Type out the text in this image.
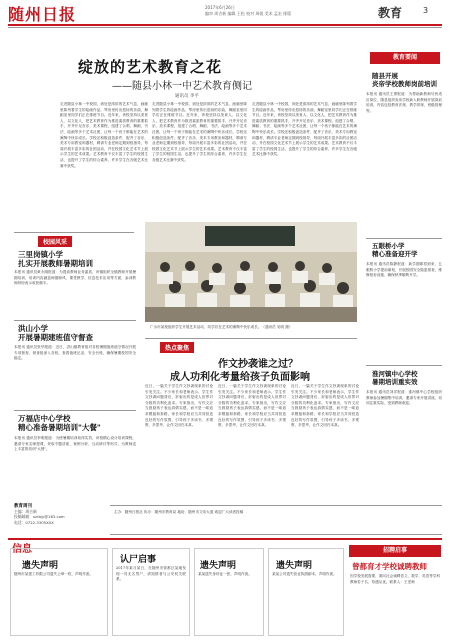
随州日报	2017年6月26日
编审 周吉新 编辑 王松 校对 周媛 美术 孟宏 排版	教育	3
绽放的艺术教育之花
——随县小林一中艺术教育侧记
通讯员 李平
走进随县小林一中校园，到处是浓浓的艺术气息，画廊里陈列着学生的绘画作品，琴房里传出悠扬的乐曲，舞蹈室里同学们正在排练节目。近年来，该校坚持以美育人、以文化人，把艺术教育作为推进素质教育的重要抓手，开齐开足音乐、美术课程，组建了合唱、舞蹈、书法、绘画等多个艺术社团，让每一个孩子都能在艺术的熏陶中快乐成长。学校还积极创造条件，配齐了音乐、美术专用教室和器材，聘请专业老师定期到校指导，每周开展丰富多彩的社团活动，并在校园文化艺术节上展示学生的艺术成果。艺术教育不仅丰富了学生的校园生活，也提升了学生的综合素养，许多学生在各级艺术比赛中获奖。
走进随县小林一中校园，到处是浓浓的艺术气息，画廊里陈列着学生的绘画作品，琴房里传出悠扬的乐曲，舞蹈室里同学们正在排练节目。近年来，该校坚持以美育人、以文化人，把艺术教育作为推进素质教育的重要抓手，开齐开足音乐、美术课程，组建了合唱、舞蹈、书法、绘画等多个艺术社团，让每一个孩子都能在艺术的熏陶中快乐成长。学校还积极创造条件，配齐了音乐、美术专用教室和器材，聘请专业老师定期到校指导，每周开展丰富多彩的社团活动，并在校园文化艺术节上展示学生的艺术成果。艺术教育不仅丰富了学生的校园生活，也提升了学生的综合素养，许多学生在各级艺术比赛中获奖。
走进随县小林一中校园，到处是浓浓的艺术气息，画廊里陈列着学生的绘画作品，琴房里传出悠扬的乐曲，舞蹈室里同学们正在排练节目。近年来，该校坚持以美育人、以文化人，把艺术教育作为推进素质教育的重要抓手，开齐开足音乐、美术课程，组建了合唱、舞蹈、书法、绘画等多个艺术社团，让每一个孩子都能在艺术的熏陶中快乐成长。学校还积极创造条件，配齐了音乐、美术专用教室和器材，聘请专业老师定期到校指导，每周开展丰富多彩的社团活动，并在校园文化艺术节上展示学生的艺术成果。艺术教育不仅丰富了学生的校园生活，也提升了学生的综合素养，许多学生在各级艺术比赛中获奖。
校园风采
三里岗镇小学
扎实开展教师暑期培训
本报讯 通讯员黄永刚报道：为提高教师业务素质，该镇组织全镇教师开展暑期培训，培训内容涵盖师德师风、课堂教学、信息技术应用等方面，参训教师纷纷表示收获颇丰。
洪山小学
开展暑期建班值守督查
本报讯 通讯员张华报道：近日，洪山镇教育组对各校暑期值班值守情况开展专项督查，督查组深入各校，查看值班记录、安全台账，确保暑期校园安全稳定。
万福店中心学校
精心准备暑期培训"大餐"
本报讯 通讯员李明报道：为使暑期培训取得实效，该校精心设计培训课程，邀请专家名师授课，采取专题讲座、案例分析、互动研讨等形式，为教师送上丰富的培训"大餐"。
广水市某校组织学生开展艺术活动，同学们在艺术的熏陶中快乐成长。（通讯员 吴明 摄）
热点聚焦
作文抄袭谁之过？
成人功利化考量给孩子负面影响
近日，一篇关于学生作文抄袭现象的讨论引发关注。不少家长和老师表示，学生作文抄袭问题背后，折射出的是成人世界对分数的功利化追求。专家指出，写作文应当鼓励孩子表达真情实感，而不是一味追求模板和套路，家长和学校应当共同营造良好的写作氛围，引导孩子多读书、多观察、多思考，让作文回归本真。
近日，一篇关于学生作文抄袭现象的讨论引发关注。不少家长和老师表示，学生作文抄袭问题背后，折射出的是成人世界对分数的功利化追求。专家指出，写作文应当鼓励孩子表达真情实感，而不是一味追求模板和套路，家长和学校应当共同营造良好的写作氛围，引导孩子多读书、多观察、多思考，让作文回归本真。
近日，一篇关于学生作文抄袭现象的讨论引发关注。不少家长和老师表示，学生作文抄袭问题背后，折射出的是成人世界对分数的功利化追求。专家指出，写作文应当鼓励孩子表达真情实感，而不是一味追求模板和套路，家长和学校应当共同营造良好的写作氛围，引导孩子多读书、多观察、多思考，让作文回归本真。
教育要闻
随县开展
炎帝学校教师岗前培训
本报讯 通讯员王勇报道：为帮助新教师尽快适应岗位，随县组织炎帝学校新入职教师开展岗前培训，内容包括教育法规、教学常规、班级管理等。
五眼桥小学
精心准备迎开学
本报讯 通讯员陈静报道：新学期即将到来，五眼桥小学提前谋划，开展校园安全隐患排查，维修校舍设施，确保秋季顺利开学。
淮河镇中心学校
暑期培训重实效
本报讯 通讯员刘洋报道：淮河镇中心学校组织教师参加暑期集中培训，邀请专家开展讲座，培训注重实际，受到教师欢迎。
教育周刊
主编：周吉新
投稿邮箱：szrbjy@163.com
电话：0722-3305XXX
主办：随州日报社 协办：随州市教育局 地址：随州市文帝大道 欢迎广大读者投稿
信息
遗失声明
随州市某建工有限公司遗失公章一枚，声明作废。
认尸启事
2017年某月某日，在随州市曾都区某地发现一具无名男尸，请知情者与公安机关联系。
遗失声明
某某遗失身份证一张，声明作废。
遗失声明
某某公司遗失营业执照副本，声明作废。
招聘启事
曾都育才学校诚聘教师
因学校发展需要，面向社会诚聘语文、数学、英语等学科教师若干名，待遇从优。联系人：王老师
